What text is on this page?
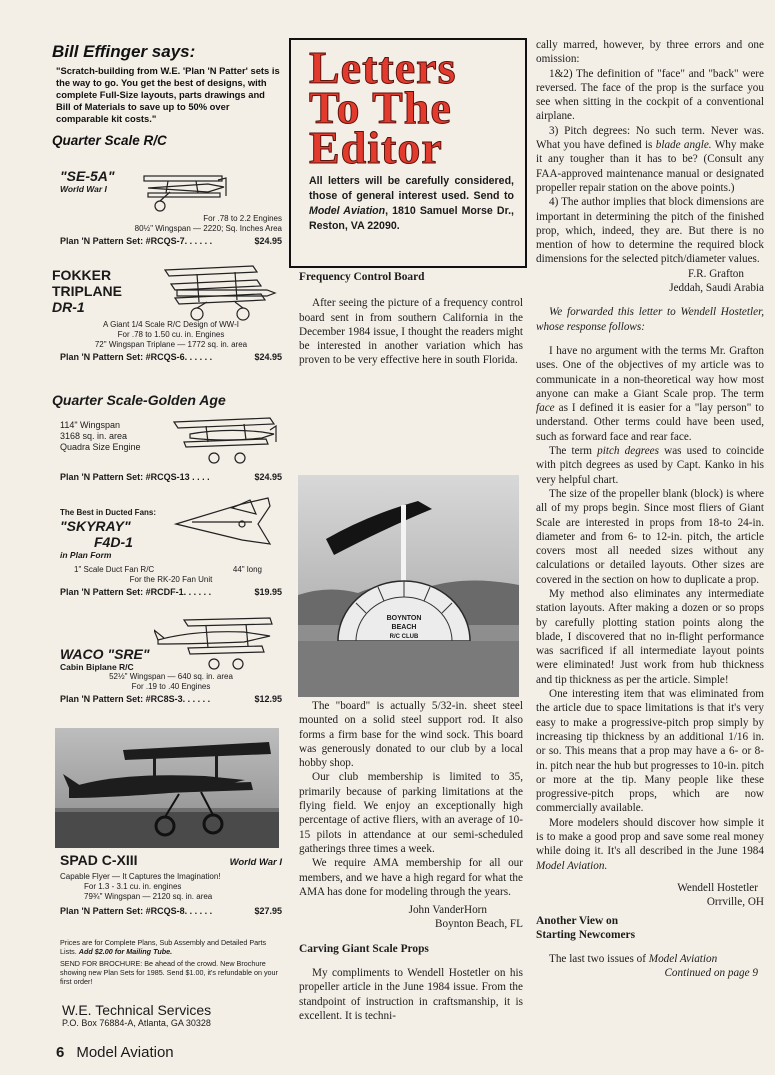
Bill Effinger says:
"Scratch-building from W.E. 'Plan 'N Patter' sets is the way to go. You get the best of designs, with complete Full-Size layouts, parts drawings and Bill of Materials to save up to 50% over comparable kit costs."
Quarter Scale R/C
"SE-5A"
World War I
For .78 to 2.2 Engines
80½" Wingspan — 2220; Sq. Inches Area
Plan 'N Pattern Set: #RCQS-7. . . . . .	$24.95
FOKKER
TRIPLANE
DR-1
A Giant 1/4 Scale R/C Design of WW-I
For .78 to 1.50 cu. in. Engines
72" Wingspan Triplane — 1772 sq. in. area
Plan 'N Pattern Set: #RCQS-6. . . . . .	$24.95
Quarter Scale-Golden Age
114" Wingspan
3168 sq. in. area
Quadra Size Engine
Plan 'N Pattern Set: #RCQS-13 . . . .	$24.95
The Best in Ducted Fans:
"SKYRAY"
F4D-1
in Plan Form
1" Scale Duct Fan R/C	44" long
For the RK-20 Fan Unit
Plan 'N Pattern Set: #RCDF-1. . . . . .	$19.95
WACO "SRE"
Cabin Biplane R/C
52½" Wingspan — 640 sq. in. area
For .19 to .40 Engines
Plan 'N Pattern Set: #RC8S-3. . . . . .	$12.95
SPAD C-XIII	World War I
Capable Flyer — It Captures the Imagination!
For 1.3 - 3.1 cu. in. engines
79¾" Wingspan — 2120 sq. in. area
Plan 'N Pattern Set: #RCQS-8. . . . . .	$27.95
Prices are for Complete Plans, Sub Assembly and Detailed Parts Lists. Add $2.00 for Mailing Tube.
SEND FOR BROCHURE: Be ahead of the crowd. New Brochure showing new Plan Sets for 1985. Send $1.00, it's refundable on your first order!
W.E. Technical Services
P.O. Box 76884-A, Atlanta, GA 30328
Letters
To The
Editor
All letters will be carefully considered, those of general interest used. Send to Model Aviation, 1810 Samuel Morse Dr., Reston, VA 22090.
Frequency Control Board

After seeing the picture of a frequency control board sent in from southern California in the December 1984 issue, I thought the readers might be interested in another variation which has proven to be very effective here in south Florida.

BOYNTON
BEACH
R/C CLUB

The "board" is actually 5/32-in. sheet steel mounted on a solid steel support rod. It also forms a firm base for the wind sock. This board was generously donated to our club by a local hobby shop.

Our club membership is limited to 35, primarily because of parking limitations at the flying field. We enjoy an exceptionally high percentage of active fliers, with an average of 10-15 pilots in attendance at our semi-scheduled gatherings three times a week.

We require AMA membership for all our members, and we have a high regard for what the AMA has done for modeling through the years.

John VanderHorn
Boynton Beach, FL
Carving Giant Scale Props

My compliments to Wendell Hostetler on his propeller article in the June 1984 issue. From the standpoint of instruction in craftsmanship, it is excellent. It is techni-

cally marred, however, by three errors and one omission:

1&2) The definition of "face" and "back" were reversed. The face of the prop is the surface you see when sitting in the cockpit of a conventional airplane.

3) Pitch degrees: No such term. Never was. What you have defined is blade angle. Why make it any tougher than it has to be? (Consult any FAA-approved maintenance manual or designated propeller repair station on the above points.)

4) The author implies that block dimensions are important in determining the pitch of the finished prop, which, indeed, they are. But there is no mention of how to determine the required block dimensions for the selected pitch/diameter values.

F.R. Grafton
Jeddah, Saudi Arabia

We forwarded this letter to Wendell Hostetler, whose response follows:

I have no argument with the terms Mr. Grafton uses. One of the objectives of my article was to communicate in a non-theoretical way how most anyone can make a Giant Scale prop. The term face as I defined it is easier for a "lay person" to understand. Other terms could have been used, such as forward face and rear face.

The term pitch degrees was used to coincide with pitch degrees as used by Capt. Kanko in his very helpful chart.

The size of the propeller blank (block) is where all of my props begin. Since most fliers of Giant Scale are interested in props from 18-to 24-in. diameter and from 6- to 12-in. pitch, the article covers most all needed sizes without any calculations or detailed layouts. Other sizes are covered in the section on how to duplicate a prop.

My method also eliminates any intermediate station layouts. After making a dozen or so props by carefully plotting station points along the blade, I discovered that no in-flight performance was sacrificed if all intermediate layout points were eliminated! Just work from hub thickness and tip thickness as per the article. Simple!

One interesting item that was eliminated from the article due to space limitations is that it's very easy to make a progressive-pitch prop simply by increasing tip thickness by an additional 1/16 in. or so. This means that a prop may have a 6- or 8-in. pitch near the hub but progresses to 10-in. pitch or more at the tip. Many people like these progressive-pitch props, which are now commercially available.

More modelers should discover how simple it is to make a good prop and save some real money while doing it. It's all described in the June 1984 Model Aviation.

Wendell Hostetler
Orrville, OH
Another View on
Starting Newcomers

The last two issues of Model Aviation

Continued on page 9
6 Model Aviation
